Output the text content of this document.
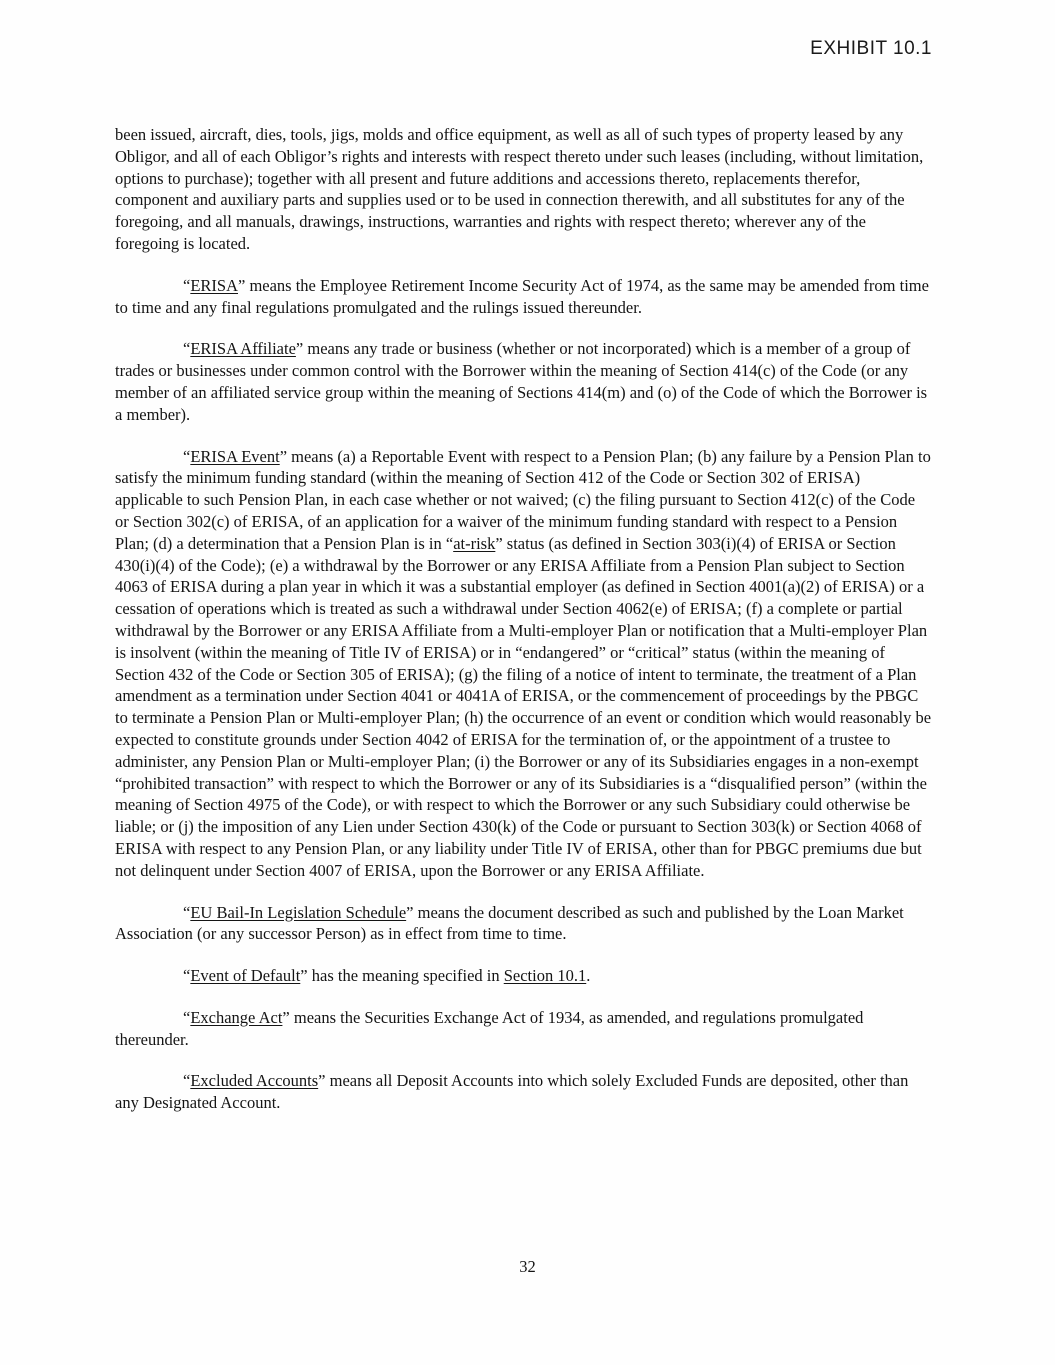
EXHIBIT 10.1

been issued, aircraft, dies, tools, jigs, molds and office equipment, as well as all of such types of property leased by any Obligor, and all of each Obligor’s rights and interests with respect thereto under such leases (including, without limitation, options to purchase); together with all present and future additions and accessions thereto, replacements therefor, component and auxiliary parts and supplies used or to be used in connection therewith, and all substitutes for any of the foregoing, and all manuals, drawings, instructions, warranties and rights with respect thereto; wherever any of the foregoing is located.

“ERISA” means the Employee Retirement Income Security Act of 1974, as the same may be amended from time to time and any final regulations promulgated and the rulings issued thereunder.

“ERISA Affiliate” means any trade or business (whether or not incorporated) which is a member of a group of trades or businesses under common control with the Borrower within the meaning of Section 414(c) of the Code (or any member of an affiliated service group within the meaning of Sections 414(m) and (o) of the Code of which the Borrower is a member).

“ERISA Event” means (a) a Reportable Event with respect to a Pension Plan; (b) any failure by a Pension Plan to satisfy the minimum funding standard (within the meaning of Section 412 of the Code or Section 302 of ERISA) applicable to such Pension Plan, in each case whether or not waived; (c) the filing pursuant to Section 412(c) of the Code or Section 302(c) of ERISA, of an application for a waiver of the minimum funding standard with respect to a Pension Plan; (d) a determination that a Pension Plan is in “at-risk” status (as defined in Section 303(i)(4) of ERISA or Section 430(i)(4) of the Code); (e) a withdrawal by the Borrower or any ERISA Affiliate from a Pension Plan subject to Section 4063 of ERISA during a plan year in which it was a substantial employer (as defined in Section 4001(a)(2) of ERISA) or a cessation of operations which is treated as such a withdrawal under Section 4062(e) of ERISA; (f) a complete or partial withdrawal by the Borrower or any ERISA Affiliate from a Multi-employer Plan or notification that a Multi-employer Plan is insolvent (within the meaning of Title IV of ERISA) or in “endangered” or “critical” status (within the meaning of Section 432 of the Code or Section 305 of ERISA); (g) the filing of a notice of intent to terminate, the treatment of a Plan amendment as a termination under Section 4041 or 4041A of ERISA, or the commencement of proceedings by the PBGC to terminate a Pension Plan or Multi-employer Plan; (h) the occurrence of an event or condition which would reasonably be expected to constitute grounds under Section 4042 of ERISA for the termination of, or the appointment of a trustee to administer, any Pension Plan or Multi-employer Plan; (i) the Borrower or any of its Subsidiaries engages in a non-exempt “prohibited transaction” with respect to which the Borrower or any of its Subsidiaries is a “disqualified person” (within the meaning of Section 4975 of the Code), or with respect to which the Borrower or any such Subsidiary could otherwise be liable; or (j) the imposition of any Lien under Section 430(k) of the Code or pursuant to Section 303(k) or Section 4068 of ERISA with respect to any Pension Plan, or any liability under Title IV of ERISA, other than for PBGC premiums due but not delinquent under Section 4007 of ERISA, upon the Borrower or any ERISA Affiliate.

“EU Bail-In Legislation Schedule” means the document described as such and published by the Loan Market Association (or any successor Person) as in effect from time to time.

“Event of Default” has the meaning specified in Section 10.1.

“Exchange Act” means the Securities Exchange Act of 1934, as amended, and regulations promulgated thereunder.

“Excluded Accounts” means all Deposit Accounts into which solely Excluded Funds are deposited, other than any Designated Account.

32
